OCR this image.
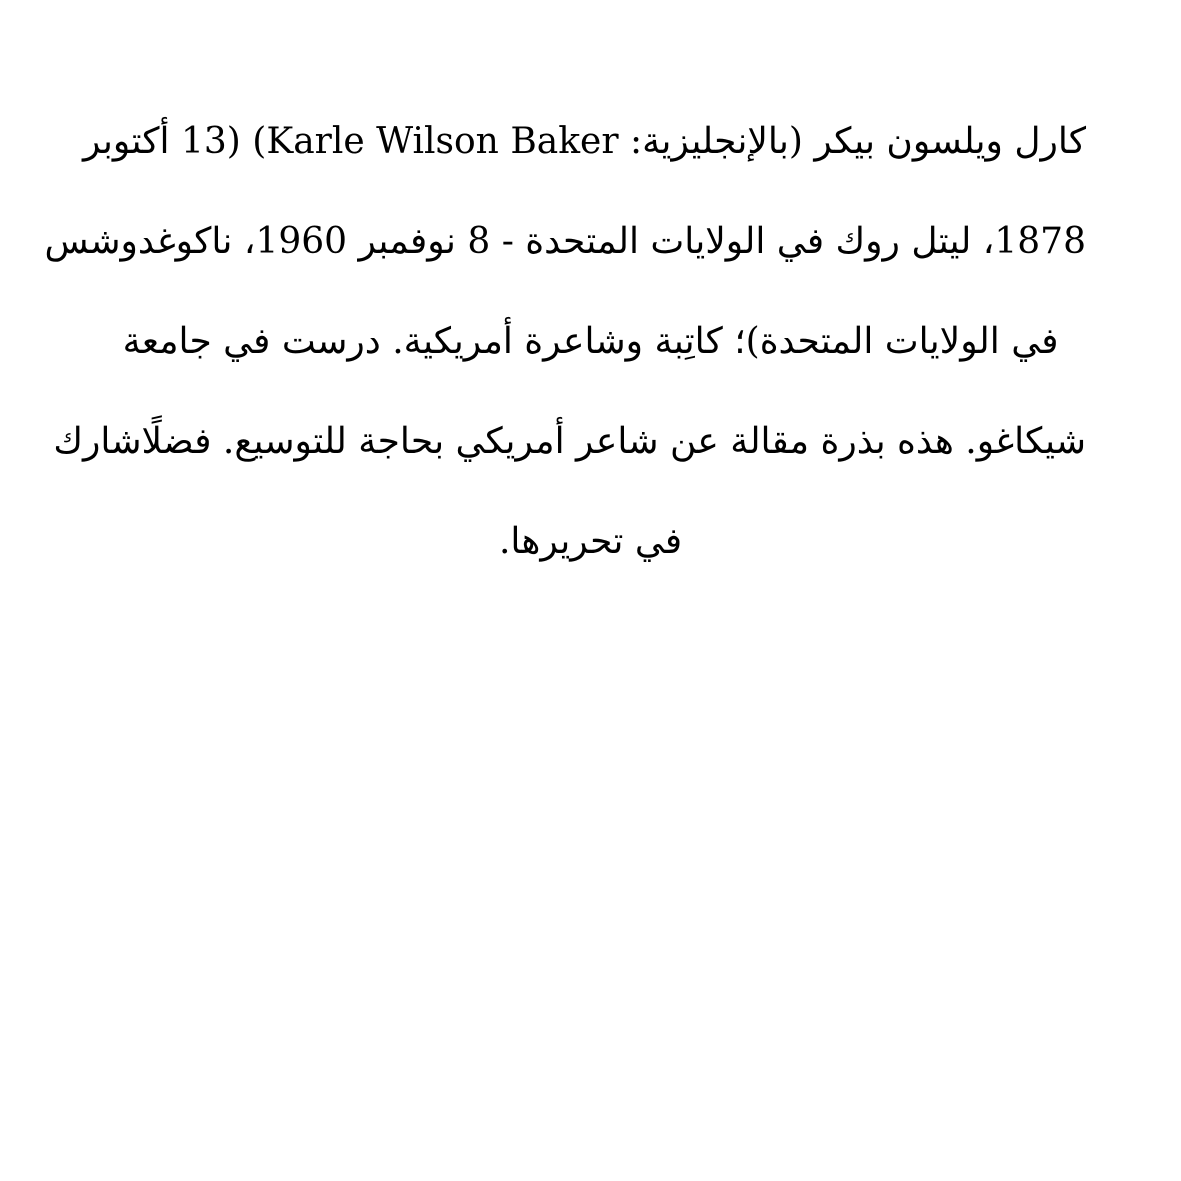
كارل ويلسون بيكر (بالإنجليزية: Karle Wilson Baker) (13 أكتوبر
1878، ليتل روك في الولايات المتحدة - 8 نوفمبر 1960، ناكوغدوشس
في الولايات المتحدة)؛ كاتِبة وشاعرة أمريكية. درست في جامعة
شيكاغو. هذه بذرة مقالة عن شاعر أمريكي بحاجة للتوسيع. فضلًاشارك
في تحريرها.
